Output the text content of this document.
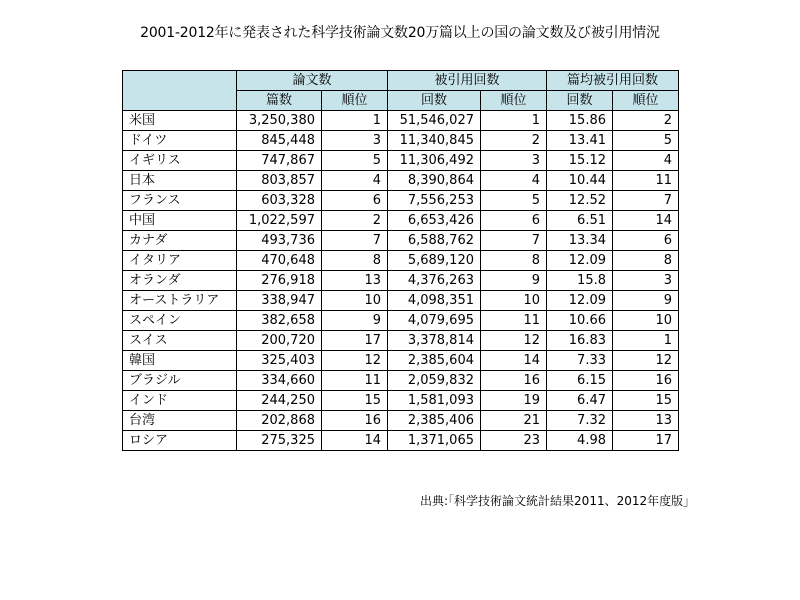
2001-2012年に発表された科学技術論文数20万篇以上の国の論文数及び被引用情況
	論文数		被引用回数		篇均被引用回数	
	篇数	順位	回数	順位	回数	順位
米国	3,250,380	1	51,546,027	1	15.86	2
ドイツ	845,448	3	11,340,845	2	13.41	5
イギリス	747,867	5	11,306,492	3	15.12	4
日本	803,857	4	8,390,864	4	10.44	11
フランス	603,328	6	7,556,253	5	12.52	7
中国	1,022,597	2	6,653,426	6	6.51	14
カナダ	493,736	7	6,588,762	7	13.34	6
イタリア	470,648	8	5,689,120	8	12.09	8
オランダ	276,918	13	4,376,263	9	15.8	3
オーストラリア	338,947	10	4,098,351	10	12.09	9
スペイン	382,658	9	4,079,695	11	10.66	10
スイス	200,720	17	3,378,814	12	16.83	1
韓国	325,403	12	2,385,604	14	7.33	12
ブラジル	334,660	11	2,059,832	16	6.15	16
インド	244,250	15	1,581,093	19	6.47	15
台湾	202,868	16	2,385,406	21	7.32	13
ロシア	275,325	14	1,371,065	23	4.98	17
出典:｢科学技術論文統計結果2011、2012年度版｣
